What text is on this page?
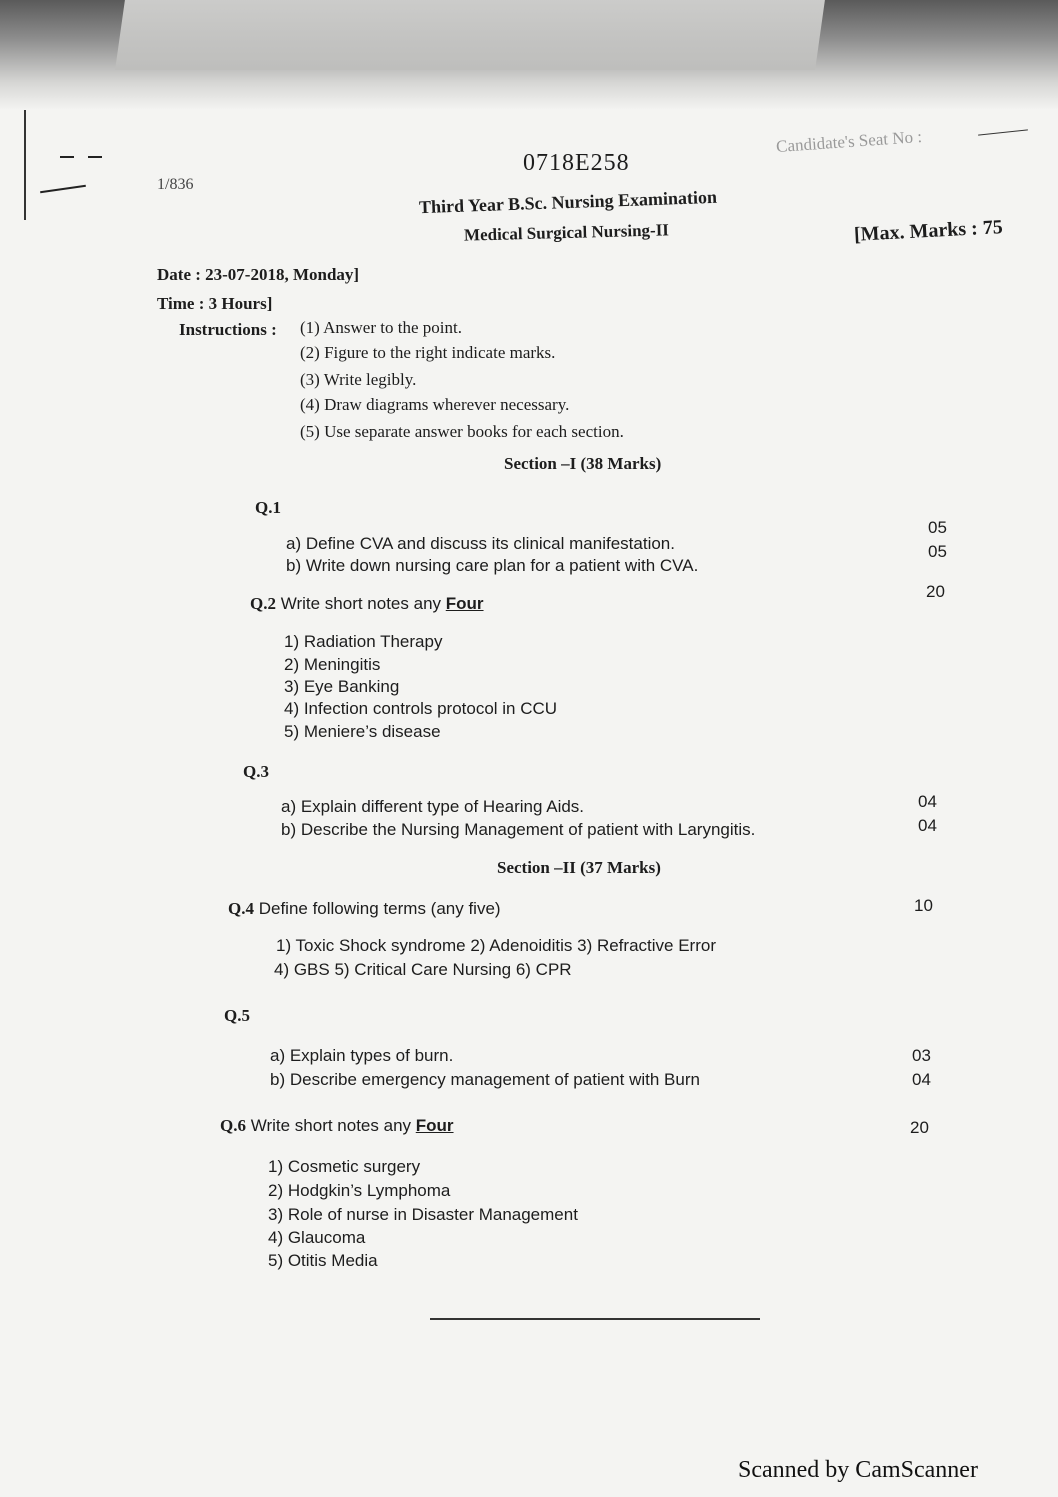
0718E258
1/836
Candidate's Seat No :
Third Year B.Sc. Nursing Examination
Medical Surgical Nursing-II	[Max. Marks : 75
Date : 23-07-2018, Monday]
Time : 3 Hours]
Instructions : (1) Answer to the point.
(2) Figure to the right indicate marks.
(3) Write legibly.
(4) Draw diagrams wherever necessary.
(5) Use separate answer books for each section.
Section –I (38 Marks)
Q.1
a) Define CVA and discuss its clinical manifestation.
05
b) Write down nursing care plan for a patient with CVA.
05
Q.2 Write short notes any Four
20
1) Radiation Therapy
2) Meningitis
3) Eye Banking
4) Infection controls protocol in CCU
5) Meniere’s disease
Q.3
a) Explain different type of Hearing Aids.	04
b) Describe the Nursing Management of patient with Laryngitis.	04
Section –II (37 Marks)
Q.4 Define following terms (any five)	10
1) Toxic Shock syndrome 2) Adenoiditis 3) Refractive Error
4) GBS 5) Critical Care Nursing 6) CPR
Q.5
a) Explain types of burn.	03
b) Describe emergency management of patient with Burn	04
Q.6 Write short notes any Four	20
1) Cosmetic surgery
2) Hodgkin’s Lymphoma
3) Role of nurse in Disaster Management
4) Glaucoma
5) Otitis Media
Scanned by CamScanner
